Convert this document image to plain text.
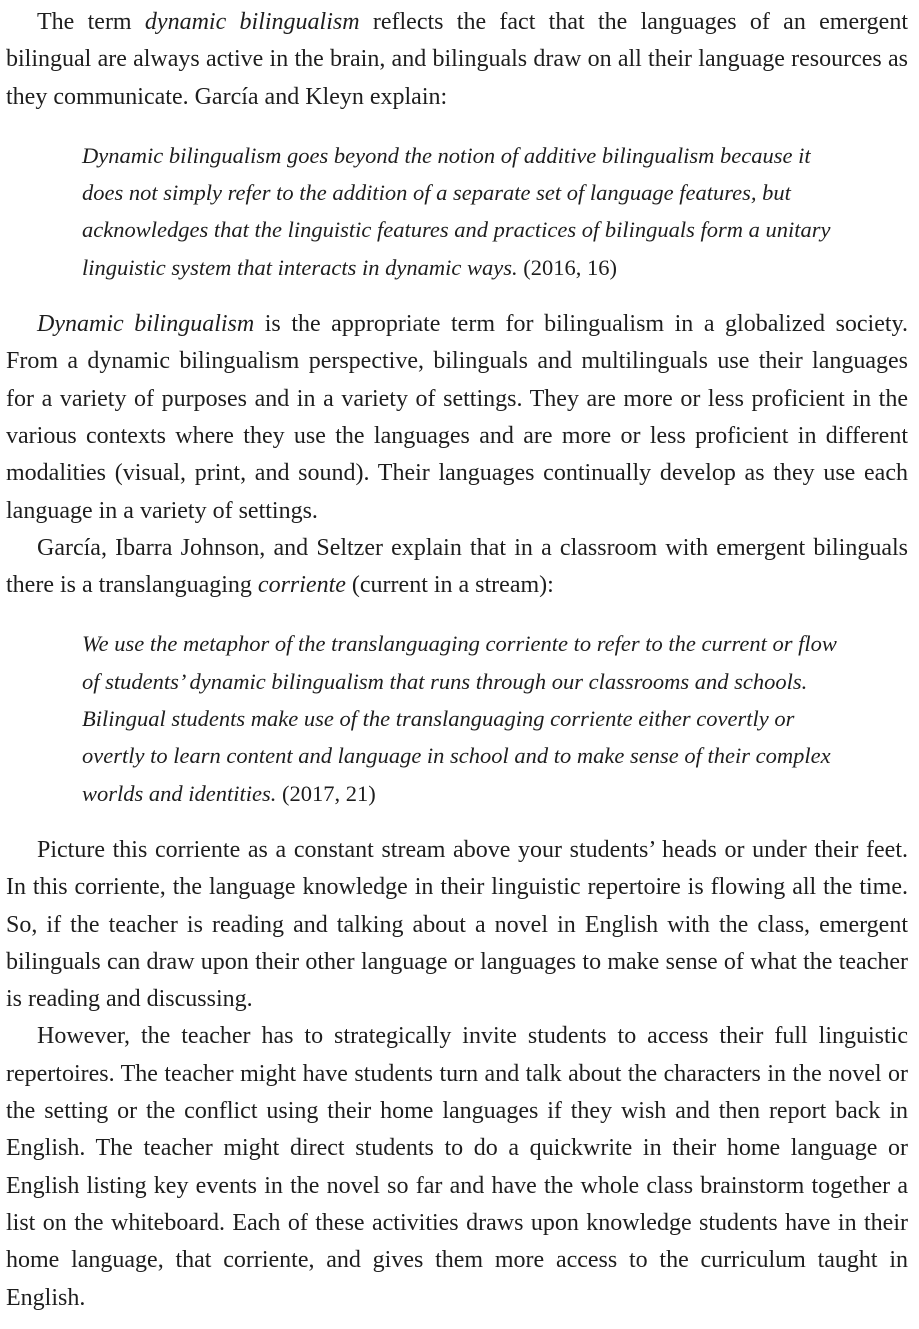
The term dynamic bilingualism reflects the fact that the languages of an emergent bilingual are always active in the brain, and bilinguals draw on all their language resources as they communicate. García and Kleyn explain:

Dynamic bilingualism goes beyond the notion of additive bilingualism because it does not simply refer to the addition of a separate set of language features, but acknowledges that the linguistic features and practices of bilinguals form a unitary linguistic system that interacts in dynamic ways. (2016, 16)

Dynamic bilingualism is the appropriate term for bilingualism in a globalized society. From a dynamic bilingualism perspective, bilinguals and multilinguals use their languages for a variety of purposes and in a variety of settings. They are more or less proficient in the various contexts where they use the languages and are more or less proficient in different modalities (visual, print, and sound). Their languages continually develop as they use each language in a variety of settings.

García, Ibarra Johnson, and Seltzer explain that in a classroom with emergent bilinguals there is a translanguaging corriente (current in a stream):

We use the metaphor of the translanguaging corriente to refer to the current or flow of students’ dynamic bilingualism that runs through our classrooms and schools. Bilingual students make use of the translanguaging corriente either covertly or overtly to learn content and language in school and to make sense of their complex worlds and identities. (2017, 21)

Picture this corriente as a constant stream above your students’ heads or under their feet. In this corriente, the language knowledge in their linguistic repertoire is flowing all the time. So, if the teacher is reading and talking about a novel in English with the class, emergent bilinguals can draw upon their other language or languages to make sense of what the teacher is reading and discussing.

However, the teacher has to strategically invite students to access their full linguistic repertoires. The teacher might have students turn and talk about the characters in the novel or the setting or the conflict using their home languages if they wish and then report back in English. The teacher might direct students to do a quickwrite in their home language or English listing key events in the novel so far and have the whole class brainstorm together a list on the whiteboard. Each of these activities draws upon knowledge students have in their home language, that corriente, and gives them more access to the curriculum taught in English.
